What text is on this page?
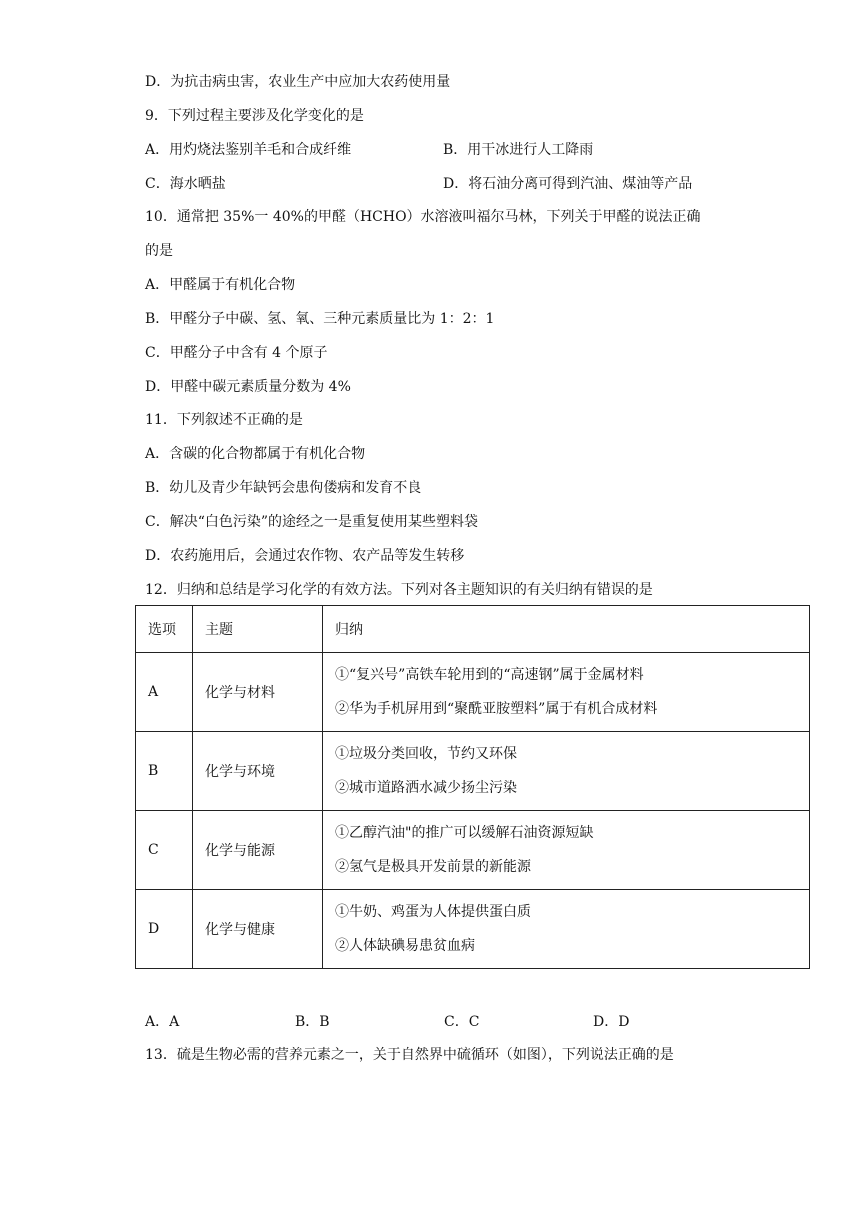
D．为抗击病虫害，农业生产中应加大农药使用量
9．下列过程主要涉及化学变化的是
A．用灼烧法鉴别羊毛和合成纤维	B．用干冰进行人工降雨
C．海水晒盐	D．将石油分离可得到汽油、煤油等产品
10．通常把 35%一 40%的甲醛（HCHO）水溶液叫福尔马林，下列关于甲醛的说法正确
的是
A．甲醛属于有机化合物
B．甲醛分子中碳、氢、氧、三种元素质量比为 1：2：1
C．甲醛分子中含有 4 个原子
D．甲醛中碳元素质量分数为 4%
11．下列叙述不正确的是
A．含碳的化合物都属于有机化合物
B．幼儿及青少年缺钙会患佝偻病和发育不良
C．解决“白色污染”的途经之一是重复使用某些塑料袋
D．农药施用后，会通过农作物、农产品等发生转移
12．归纳和总结是学习化学的有效方法。下列对各主题知识的有关归纳有错误的是
选项	主题	归纳
A	化学与材料	①“复兴号”高铁车轮用到的“高速钢”属于金属材料
②华为手机屏用到“聚酰亚胺塑料”属于有机合成材料

B	化学与环境	①垃圾分类回收，节约又环保
②城市道路洒水减少扬尘污染

C	化学与能源	①乙醇汽油"的推广可以缓解石油资源短缺
②氢气是极具开发前景的新能源

D	化学与健康	①牛奶、鸡蛋为人体提供蛋白质
②人体缺碘易患贫血病
A．A	B．B	C．C	D．D
13．硫是生物必需的营养元素之一，关于自然界中硫循环（如图），下列说法正确的是
